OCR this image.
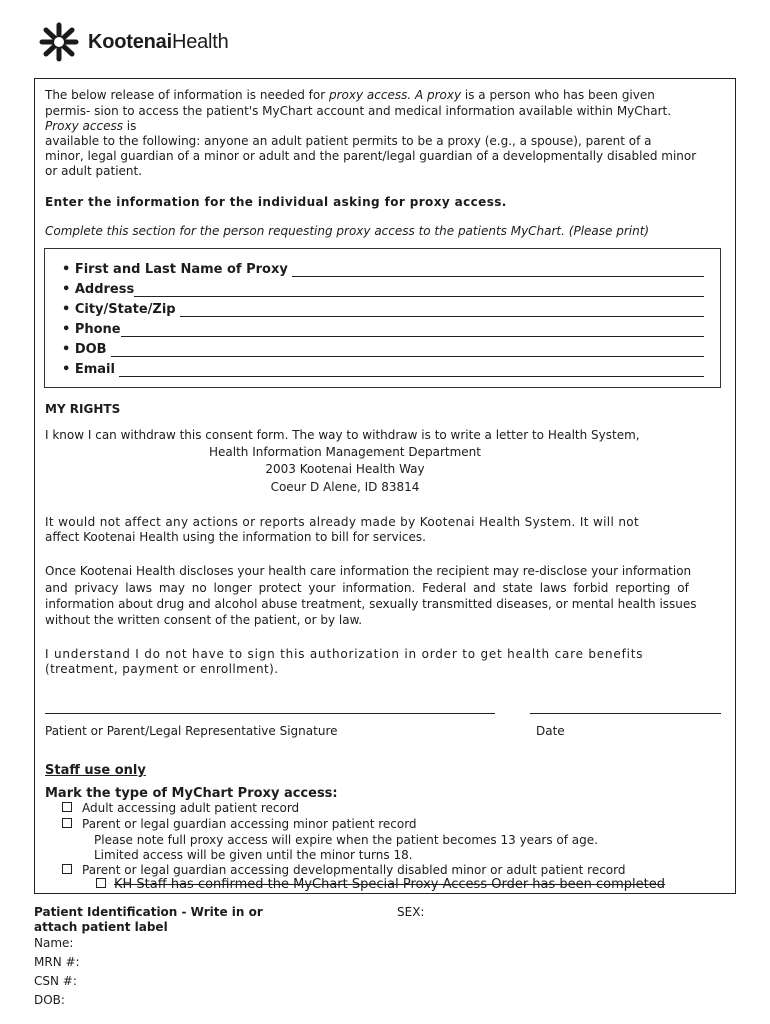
KootenaiHealth

The below release of information is needed for proxy access. A proxy is a person who has been given

permis- sion to access the patient's MyChart account and medical information available within MyChart.

Proxy access is

available to the following: anyone an adult patient permits to be a proxy (e.g., a spouse), parent of a

minor, legal guardian of a minor or adult and the parent/legal guardian of a developmentally disabled minor

or adult patient.

Enter the information for the individual asking for proxy access.

Complete this section for the person requesting proxy access to the patients MyChart. (Please print)

• First and Last Name of Proxy
• Address
• City/State/Zip
• Phone
• DOB
• Email

MY RIGHTS

I know I can withdraw this consent form. The way to withdraw is to write a letter to Health System,

Health Information Management Department

2003 Kootenai Health Way

Coeur D Alene, ID 83814

It would not affect any actions or reports already made by Kootenai Health System. It will not

affect Kootenai Health using the information to bill for services.

Once Kootenai Health discloses your health care information the recipient may re-disclose your information

and privacy laws may no longer protect your information. Federal and state laws forbid reporting of

information about drug and alcohol abuse treatment, sexually transmitted diseases, or mental health issues

without the written consent of the patient, or by law.

I understand I do not have to sign this authorization in order to get health care benefits

(treatment, payment or enrollment).

Patient or Parent/Legal Representative Signature	Date

Staff use only

Mark the type of MyChart Proxy access:

Adult accessing adult patient record
Parent or legal guardian accessing minor patient record

Please note full proxy access will expire when the patient becomes 13 years of age.

Limited access will be given until the minor turns 18.

Parent or legal guardian accessing developmentally disabled minor or adult patient record
KH Staff has confirmed the MyChart Special Proxy Access Order has been completed

Patient Identification - Write in or attach patient label

SEX:

Name:

MRN #:

CSN #:

DOB:
